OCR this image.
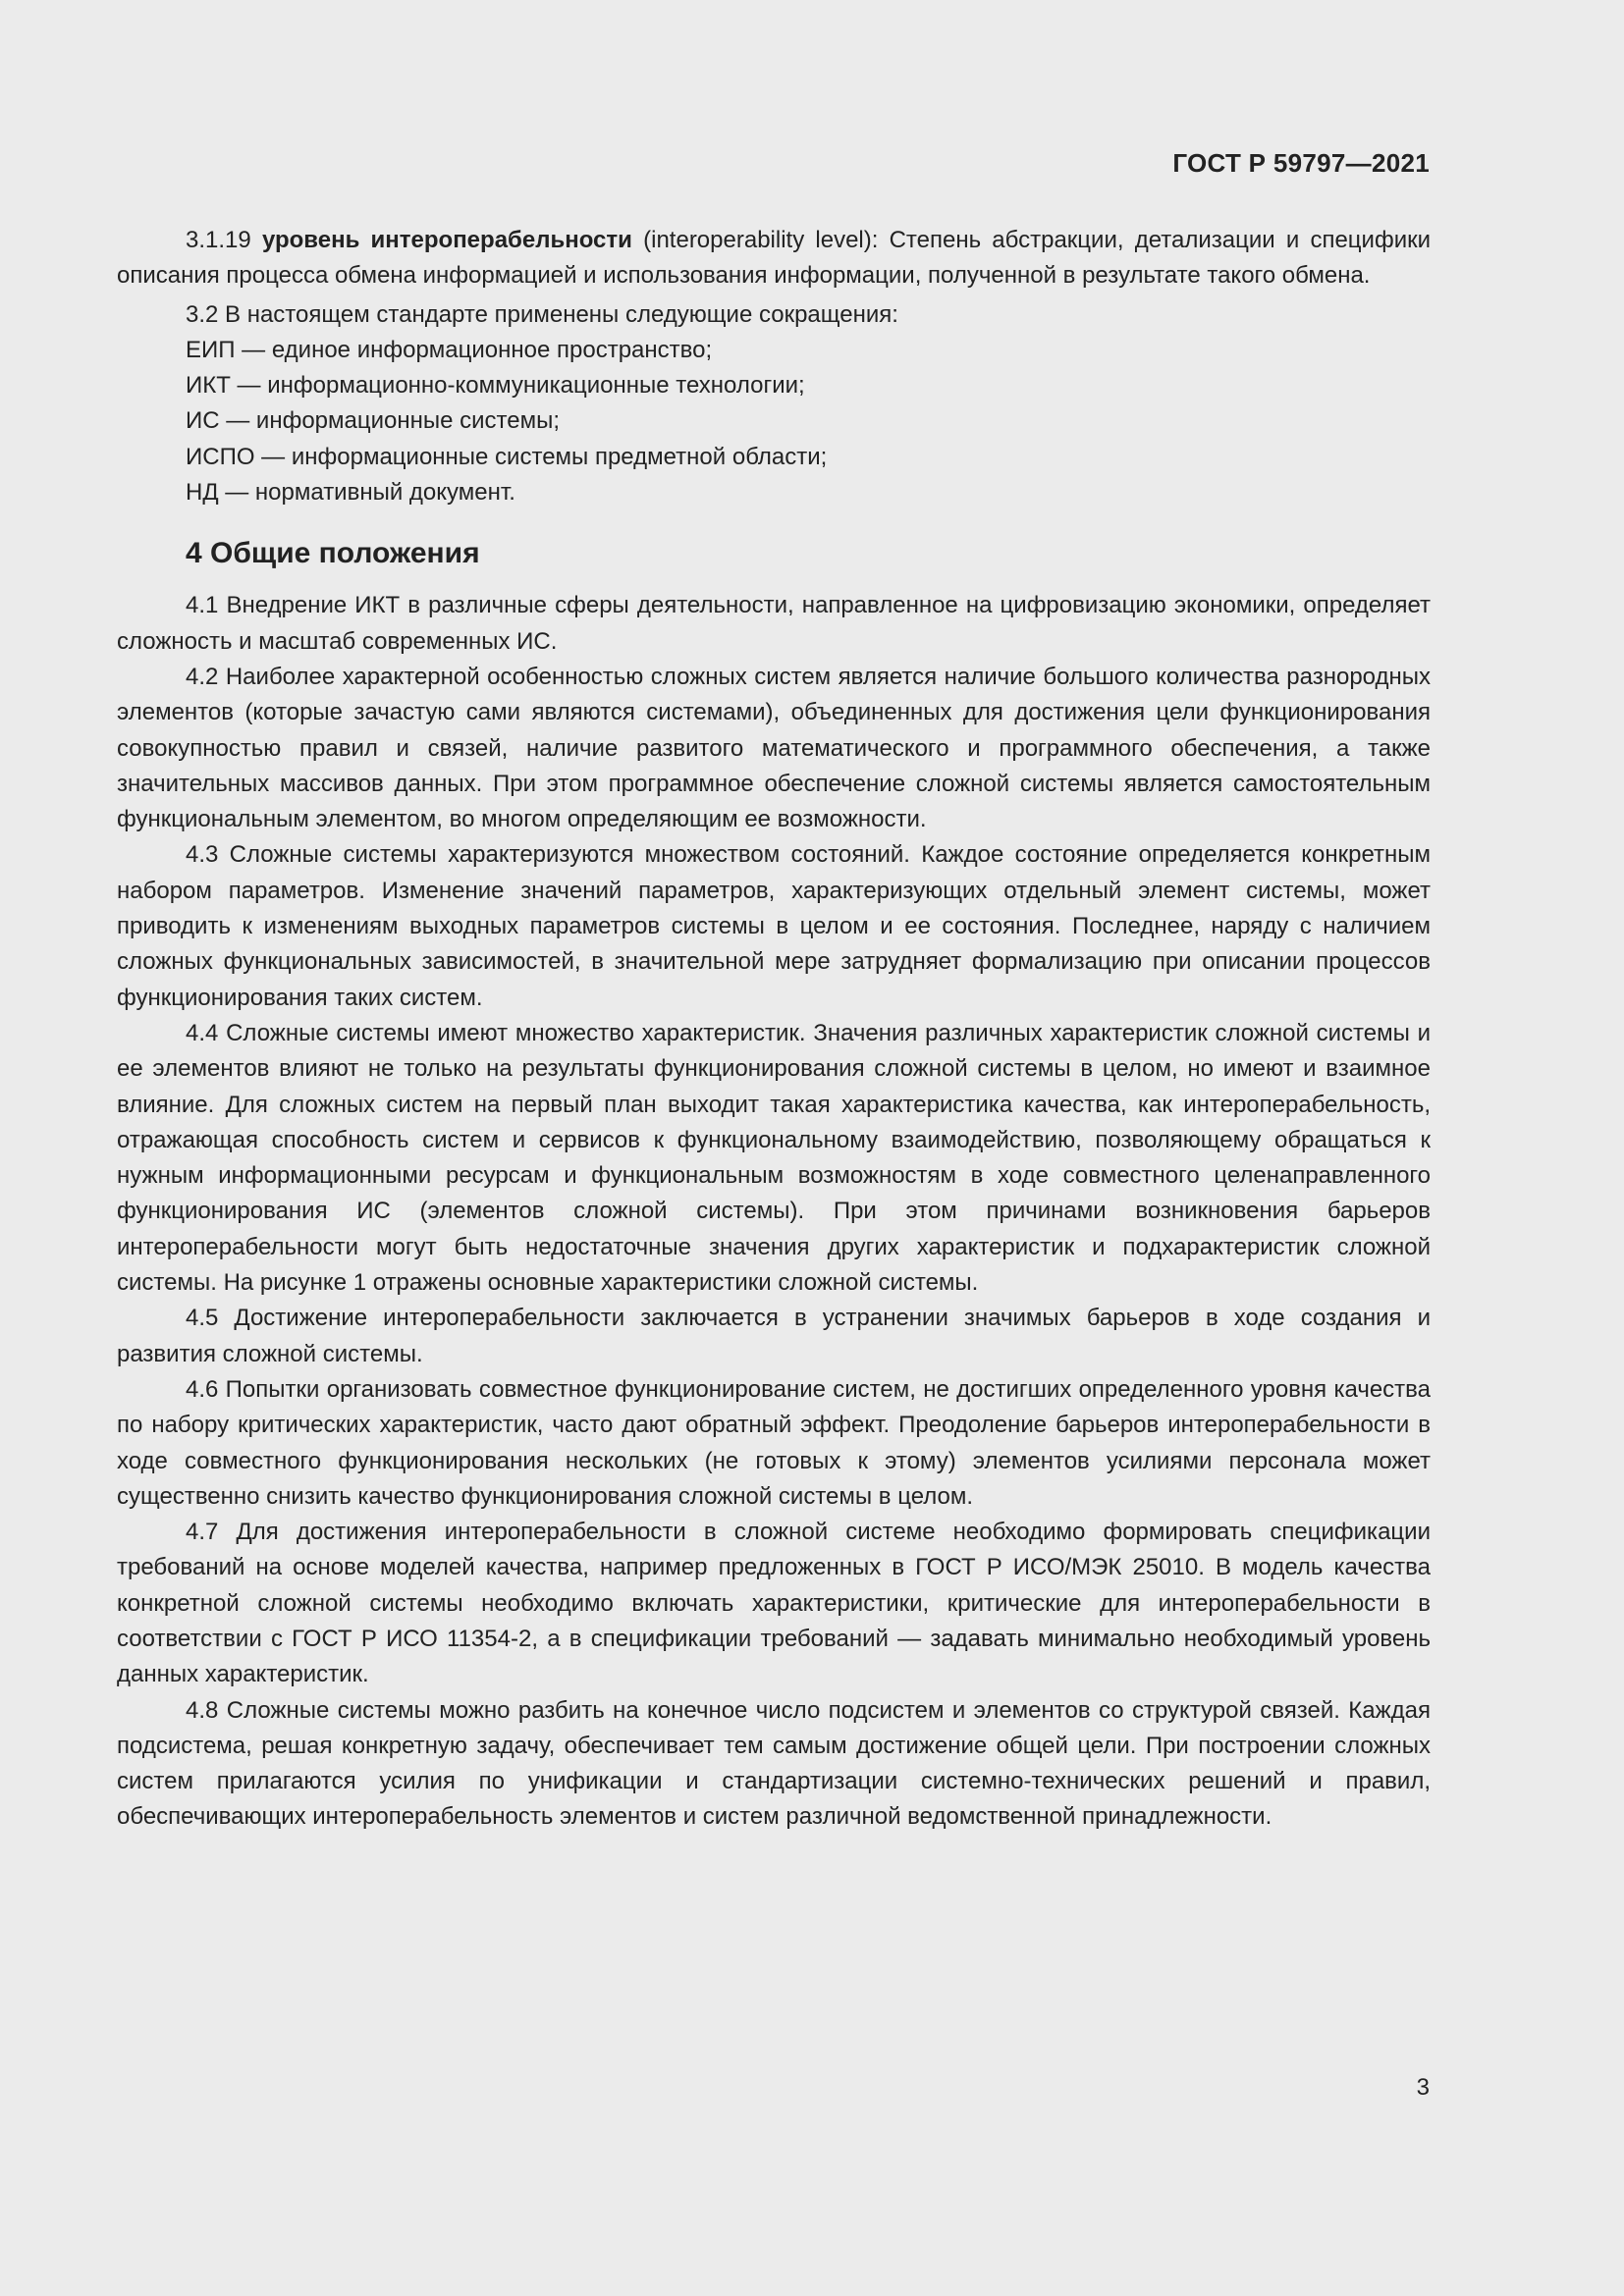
ГОСТ Р 59797—2021

3.1.19 уровень интероперабельности (interoperability level): Степень абстракции, детализации и специфики описания процесса обмена информацией и использования информации, полученной в результате такого обмена.

3.2 В настоящем стандарте применены следующие сокращения:

ЕИП — единое информационное пространство;
ИКТ — информационно-коммуникационные технологии;
ИС — информационные системы;
ИСПО — информационные системы предметной области;
НД — нормативный документ.
4 Общие положения

4.1 Внедрение ИКТ в различные сферы деятельности, направленное на цифровизацию экономики, определяет сложность и масштаб современных ИС.

4.2 Наиболее характерной особенностью сложных систем является наличие большого количества разнородных элементов (которые зачастую сами являются системами), объединенных для достижения цели функционирования совокупностью правил и связей, наличие развитого математического и программного обеспечения, а также значительных массивов данных. При этом программное обеспечение сложной системы является самостоятельным функциональным элементом, во многом определяющим ее возможности.

4.3 Сложные системы характеризуются множеством состояний. Каждое состояние определяется конкретным набором параметров. Изменение значений параметров, характеризующих отдельный элемент системы, может приводить к изменениям выходных параметров системы в целом и ее состояния. Последнее, наряду с наличием сложных функциональных зависимостей, в значительной мере затрудняет формализацию при описании процессов функционирования таких систем.

4.4 Сложные системы имеют множество характеристик. Значения различных характеристик сложной системы и ее элементов влияют не только на результаты функционирования сложной системы в целом, но имеют и взаимное влияние. Для сложных систем на первый план выходит такая характеристика качества, как интероперабельность, отражающая способность систем и сервисов к функциональному взаимодействию, позволяющему обращаться к нужным информационными ресурсам и функциональным возможностям в ходе совместного целенаправленного функционирования ИС (элементов сложной системы). При этом причинами возникновения барьеров интероперабельности могут быть недостаточные значения других характеристик и подхарактеристик сложной системы. На рисунке 1 отражены основные характеристики сложной системы.

4.5 Достижение интероперабельности заключается в устранении значимых барьеров в ходе создания и развития сложной системы.

4.6 Попытки организовать совместное функционирование систем, не достигших определенного уровня качества по набору критических характеристик, часто дают обратный эффект. Преодоление барьеров интероперабельности в ходе совместного функционирования нескольких (не готовых к этому) элементов усилиями персонала может существенно снизить качество функционирования сложной системы в целом.

4.7 Для достижения интероперабельности в сложной системе необходимо формировать спецификации требований на основе моделей качества, например предложенных в ГОСТ Р ИСО/МЭК 25010. В модель качества конкретной сложной системы необходимо включать характеристики, критические для интероперабельности в соответствии с ГОСТ Р ИСО 11354-2, а в спецификации требований — задавать минимально необходимый уровень данных характеристик.

4.8 Сложные системы можно разбить на конечное число подсистем и элементов со структурой связей. Каждая подсистема, решая конкретную задачу, обеспечивает тем самым достижение общей цели. При построении сложных систем прилагаются усилия по унификации и стандартизации системно-технических решений и правил, обеспечивающих интероперабельность элементов и систем различной ведомственной принадлежности.

3
